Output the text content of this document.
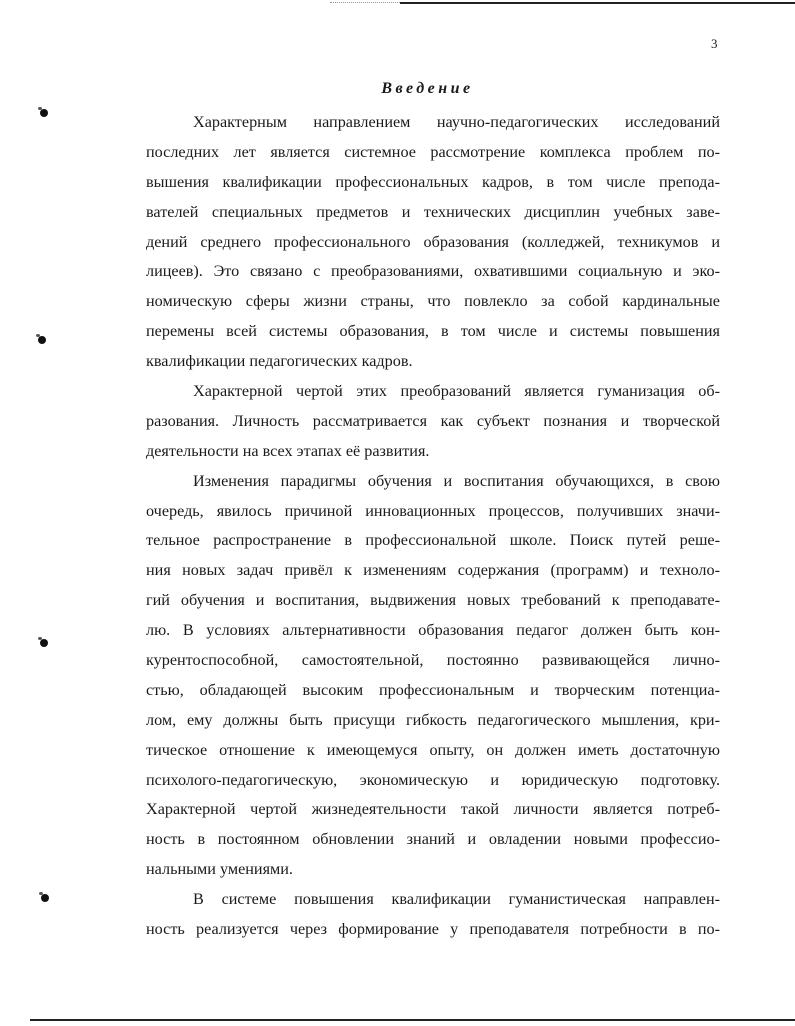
3
Введение
Характерным направлением научно-педагогических исследований
последних лет является системное рассмотрение комплекса проблем по-
вышения квалификации профессиональных кадров, в том числе препода-
вателей специальных предметов и технических дисциплин учебных заве-
дений среднего профессионального образования (колледжей, техникумов и
лицеев). Это связано с преобразованиями, охватившими социальную и эко-
номическую сферы жизни страны, что повлекло за собой кардинальные
перемены всей системы образования, в том числе и системы повышения
квалификации педагогических кадров.
Характерной чертой этих преобразований является гуманизация об-
разования. Личность рассматривается как субъект познания и творческой
деятельности на всех этапах её развития.
Изменения парадигмы обучения и воспитания обучающихся, в свою
очередь, явилось причиной инновационных процессов, получивших значи-
тельное распространение в профессиональной школе. Поиск путей реше-
ния новых задач привёл к изменениям содержания (программ) и техноло-
гий обучения и воспитания, выдвижения новых требований к преподавате-
лю. В условиях альтернативности образования педагог должен быть кон-
курентоспособной, самостоятельной, постоянно развивающейся лично-
стью, обладающей высоким профессиональным и творческим потенциа-
лом, ему должны быть присущи гибкость педагогического мышления, кри-
тическое отношение к имеющемуся опыту, он должен иметь достаточную
психолого-педагогическую, экономическую и юридическую подготовку.
Характерной чертой жизнедеятельности такой личности является потреб-
ность в постоянном обновлении знаний и овладении новыми профессио-
нальными умениями.
В системе повышения квалификации гуманистическая направлен-
ность реализуется через формирование у преподавателя потребности в по-
